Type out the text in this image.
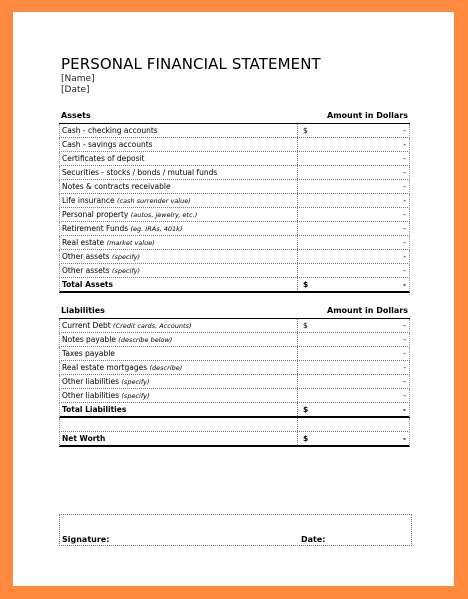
PERSONAL FINANCIAL STATEMENT
[Name]
[Date]
Assets	Amount in Dollars
Cash - checking accounts	$	-
Cash - savings accounts	-
Certificates of deposit	-
Securities - stocks / bonds / mutual funds	-
Notes & contracts receivable	-
Life insurance (cash surrender value)	-
Personal property (autos, jewelry, etc.)	-
Retirement Funds (eg. IRAs, 401k)	-
Real estate (market value)	-
Other assets (specify)	-
Other assets (specify)	-
Total Assets	$	-
Liabilities	Amount in Dollars
Current Debt (Credit cards, Accounts)	$	-
Notes payable (describe below)	-
Taxes payable	-
Real estate mortgages (describe)	-
Other liabilities (specify)	-
Other liabilities (specify)	-
Total Liabilities	$	-
Net Worth	$	-
Signature:	Date:
